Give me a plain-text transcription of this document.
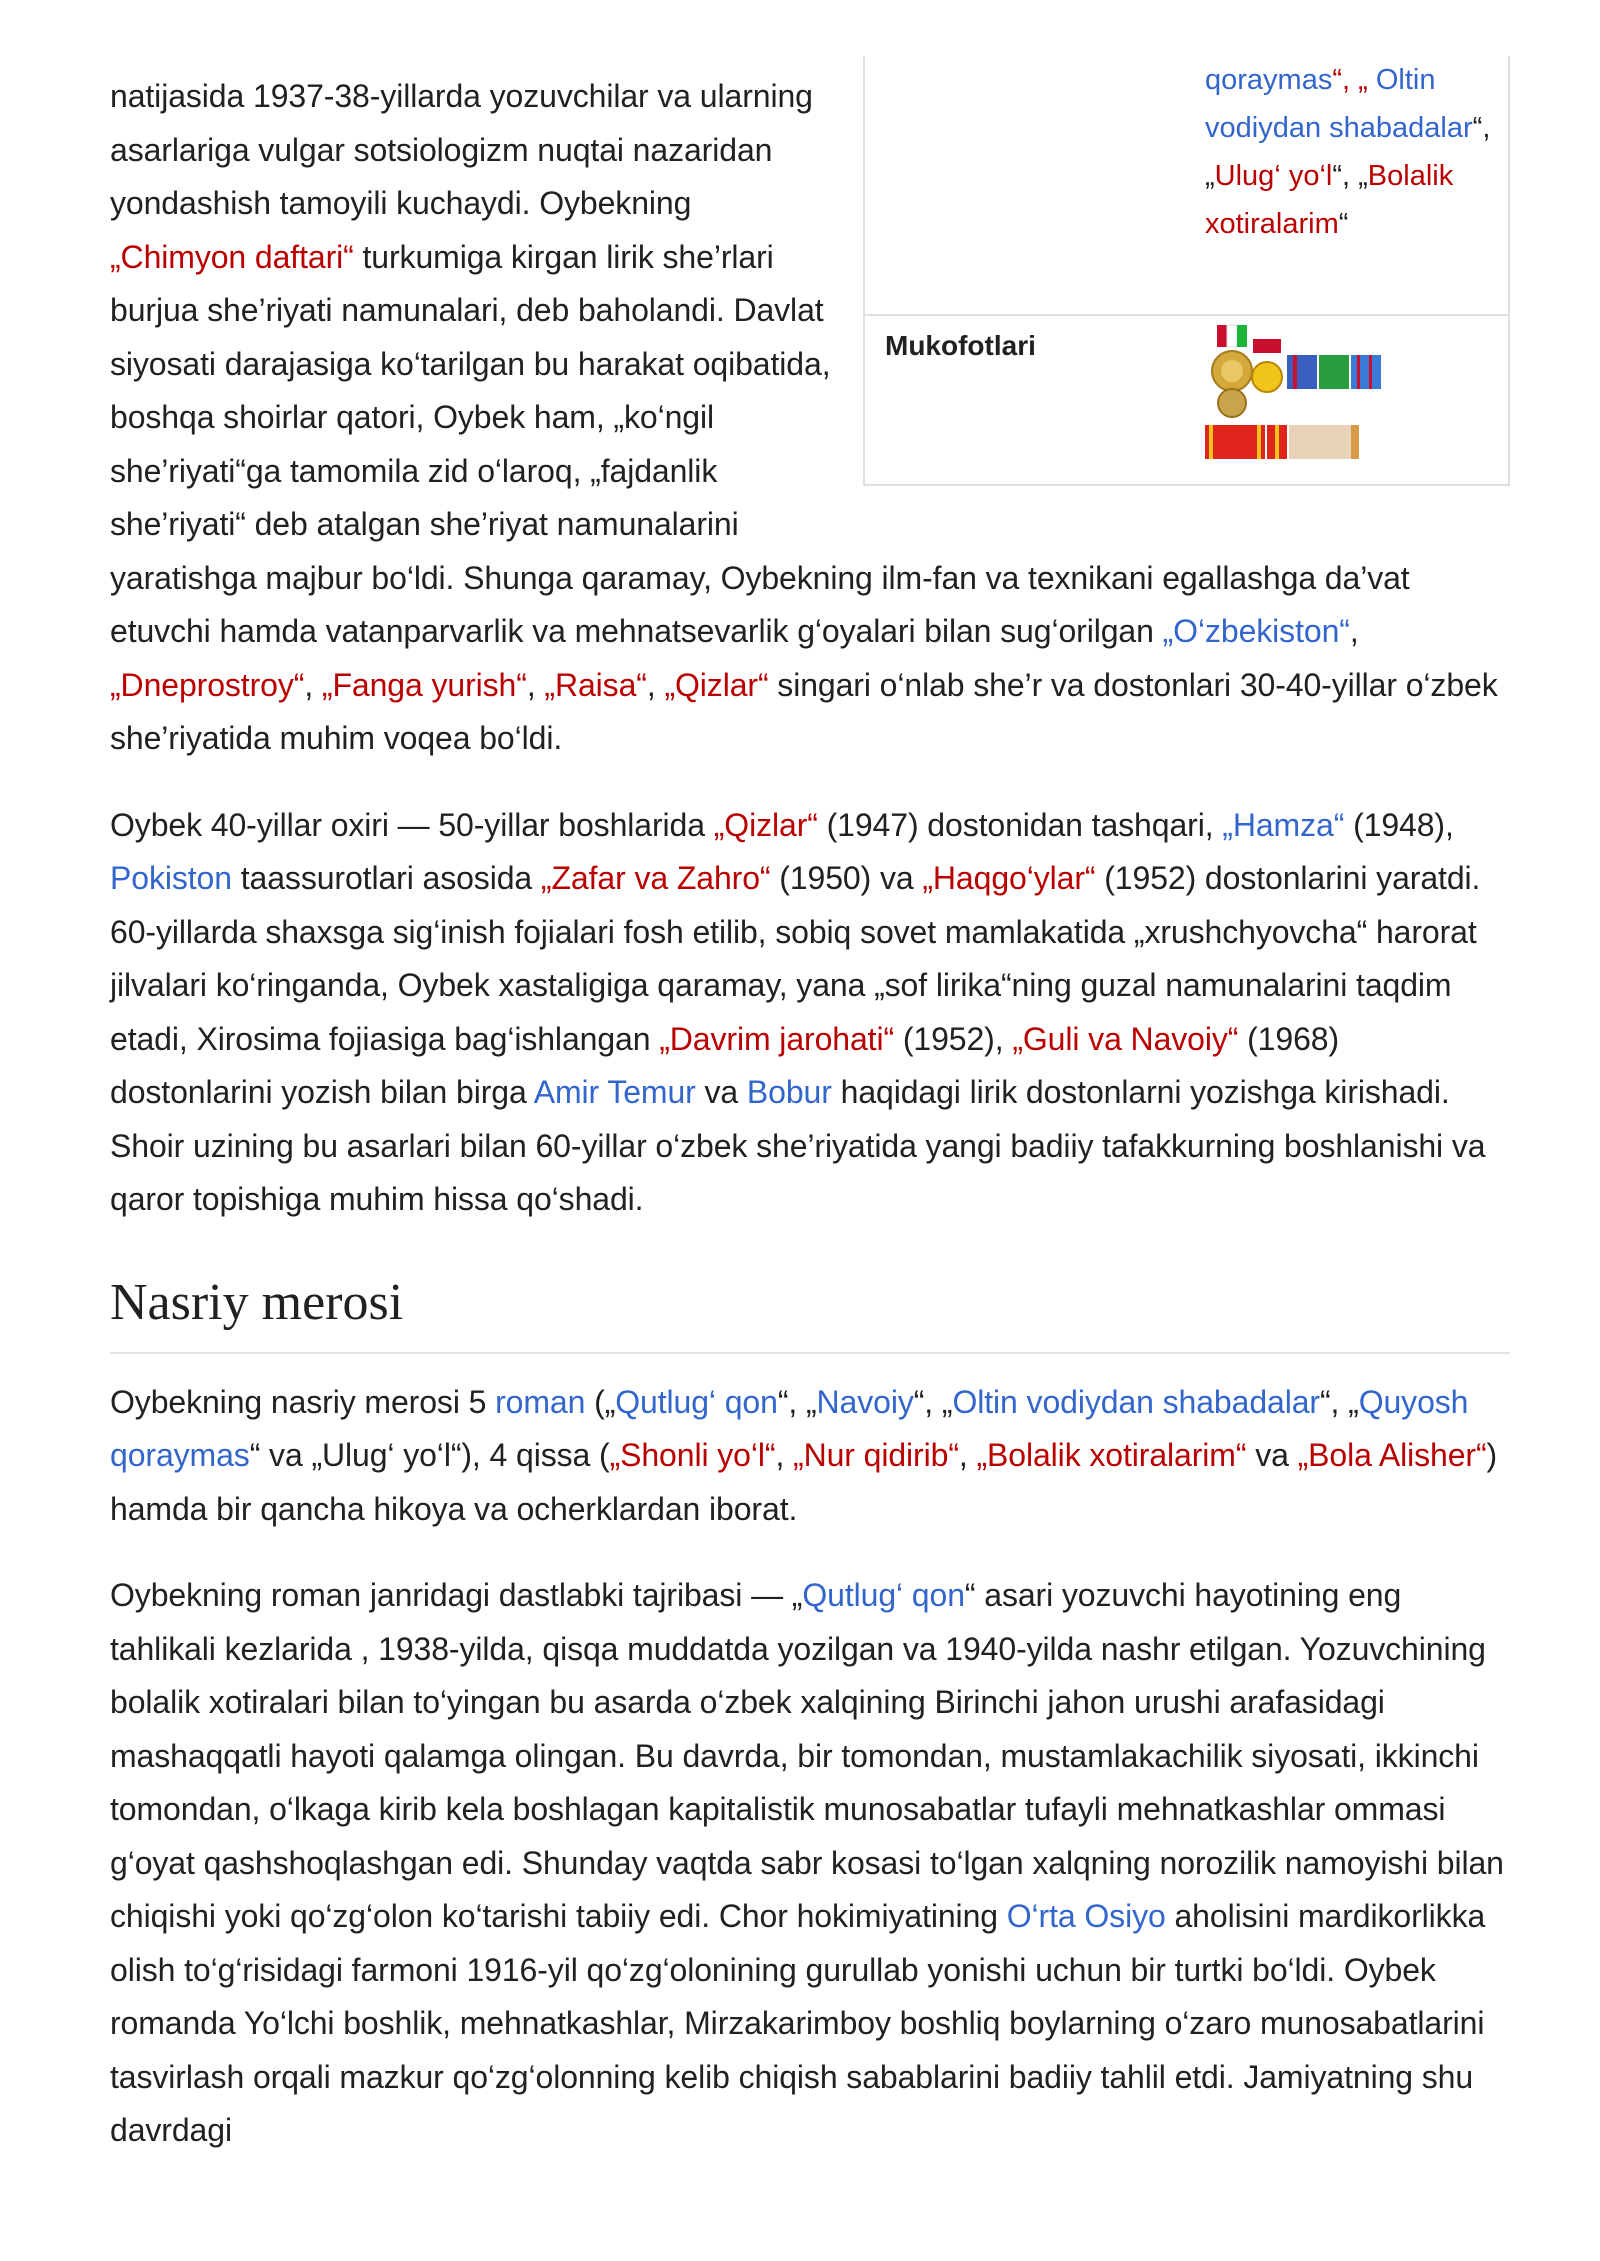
qoraymas“, „ Oltin vodiydan shabadalar“, „Ulug‘ yo‘l“, „Bolalik xotiralarim“
Mukofotlari

natijasida 1937-38-yillarda yozuvchilar va ularning asarlariga vulgar sotsiologizm nuqtai nazaridan yondashish tamoyili kuchaydi. Oybekning „Chimyon daftari“ turkumiga kirgan lirik she’rlari burjua she’riyati namunalari, deb baholandi. Davlat siyosati darajasiga ko‘tarilgan bu harakat oqibatida, boshqa shoirlar qatori, Oybek ham, „ko‘ngil she’riyati“ga tamomila zid o‘laroq, „fajdanlik she’riyati“ deb atalgan she’riyat namunalarini yaratishga majbur bo‘ldi. Shunga qaramay, Oybekning ilm-fan va texnikani egallashga da’vat etuvchi hamda vatanparvarlik va mehnatsevarlik g‘oyalari bilan sug‘orilgan „O‘zbekiston“, „Dneprostroy“, „Fanga yurish“, „Raisa“, „Qizlar“ singari o‘nlab she’r va dostonlari 30-40-yillar o‘zbek she’riyatida muhim voqea bo‘ldi.

Oybek 40-yillar oxiri — 50-yillar boshlarida „Qizlar“ (1947) dostonidan tashqari, „Hamza“ (1948), Pokiston taassurotlari asosida „Zafar va Zahro“ (1950) va „Haqgo‘ylar“ (1952) dostonlarini yaratdi. 60-yillarda shaxsga sig‘inish fojialari fosh etilib, sobiq sovet mamlakatida „xrushchyovcha“ harorat jilvalari ko‘ringanda, Oybek xastaligiga qaramay, yana „sof lirika“ning guzal namunalarini taqdim etadi, Xirosima fojiasiga bag‘ishlangan „Davrim jarohati“ (1952), „Guli va Navoiy“ (1968) dostonlarini yozish bilan birga Amir Temur va Bobur haqidagi lirik dostonlarni yozishga kirishadi. Shoir uzining bu asarlari bilan 60-yillar o‘zbek she’riyatida yangi badiiy tafakkurning boshlanishi va qaror topishiga muhim hissa qo‘shadi.

Nasriy merosi

Oybekning nasriy merosi 5 roman („Qutlug‘ qon“, „Navoiy“, „Oltin vodiydan shabadalar“, „Quyosh qoraymas“ va „Ulug‘ yo‘l“), 4 qissa („Shonli yo‘l“, „Nur qidirib“, „Bolalik xotiralarim“ va „Bola Alisher“) hamda bir qancha hikoya va ocherklardan iborat.

Oybekning roman janridagi dastlabki tajribasi — „Qutlug‘ qon“ asari yozuvchi hayotining eng tahlikali kezlarida , 1938-yilda, qisqa muddatda yozilgan va 1940-yilda nashr etilgan. Yozuvchining bolalik xotiralari bilan to‘yingan bu asarda o‘zbek xalqining Birinchi jahon urushi arafasidagi mashaqqatli hayoti qalamga olingan. Bu davrda, bir tomondan, mustamlakachilik siyosati, ikkinchi tomondan, o‘lkaga kirib kela boshlagan kapitalistik munosabatlar tufayli mehnatkashlar ommasi g‘oyat qashshoqlashgan edi. Shunday vaqtda sabr kosasi to‘lgan xalqning norozilik namoyishi bilan chiqishi yoki qo‘zg‘olon ko‘tarishi tabiiy edi. Chor hokimiyatining O‘rta Osiyo aholisini mardikorlikka olish to‘g‘risidagi farmoni 1916-yil qo‘zg‘olonining gurullab yonishi uchun bir turtki bo‘ldi. Oybek romanda Yo‘lchi boshlik, mehnatkashlar, Mirzakarimboy boshliq boylarning o‘zaro munosabatlarini tasvirlash orqali mazkur qo‘zg‘olonning kelib chiqish sabablarini badiiy tahlil etdi. Jamiyatning shu davrdagi
